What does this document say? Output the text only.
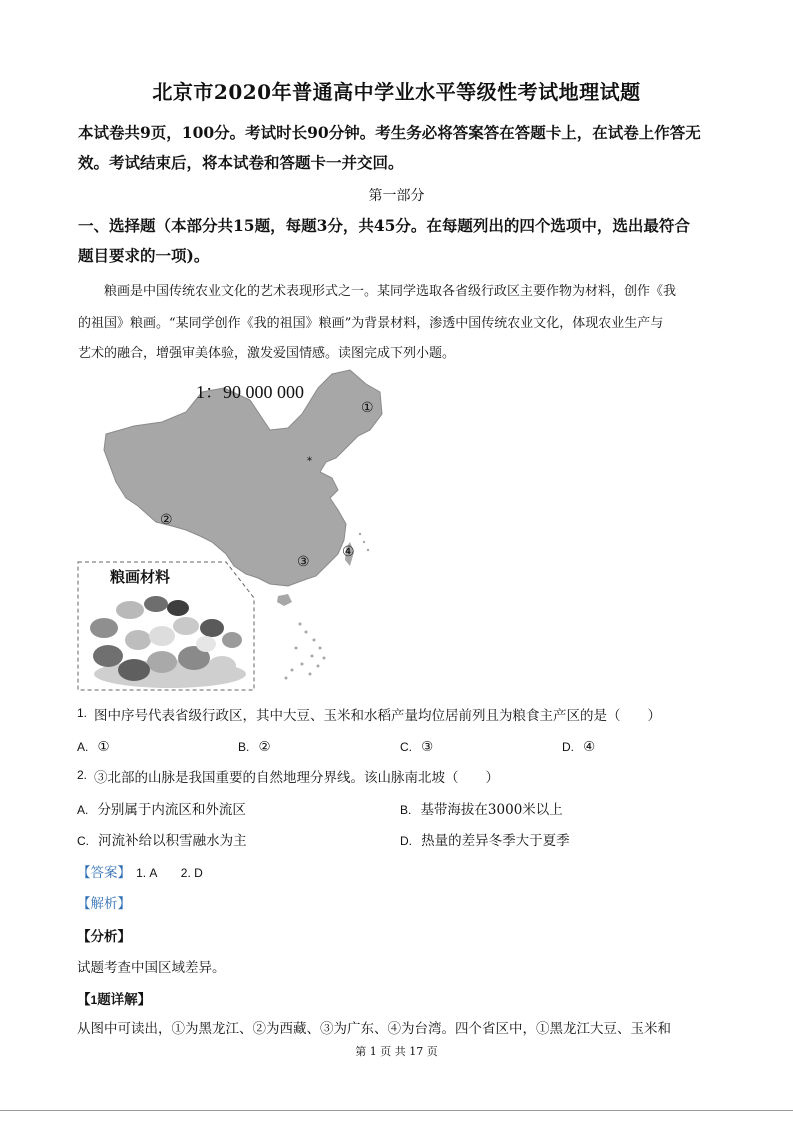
北京市2020年普通高中学业水平等级性考试地理试题
本试卷共9页，100分。考试时长90分钟。考生务必将答案答在答题卡上，在试卷上作答无
效。考试结束后，将本试卷和答题卡一并交回。
第一部分
一、选择题（本部分共15题，每题3分，共45分。在每题列出的四个选项中，选出最符合
题目要求的一项)。
粮画是中国传统农业文化的艺术表现形式之一。某同学选取各省级行政区主要作物为材料，创作《我
的祖国》粮画。“某同学创作《我的祖国》粮画”为背景材料，渗透中国传统农业文化，体现农业生产与
艺术的融合，增强审美体验，激发爱国情感。读图完成下列小题。
*
1：90 000 000
①
②
③
④
粮画材料
1. 图中序号代表省级行政区，其中大豆、玉米和水稻产量均位居前列且为粮食主产区的是（　　）
A. ①	B. ②	C. ③	D. ④
2. ③北部的山脉是我国重要的自然地理分界线。该山脉南北坡（　　）
A. 分别属于内流区和外流区	B. 基带海拔在3000米以上
C. 河流补给以积雪融水为主	D. 热量的差异冬季大于夏季
【答案】 1. A　　2. D
【解析】
【分析】
试题考查中国区域差异。
【1题详解】
从图中可读出，①为黑龙江、②为西藏、③为广东、④为台湾。四个省区中，①黑龙江大豆、玉米和
第 1 页 共 17 页
